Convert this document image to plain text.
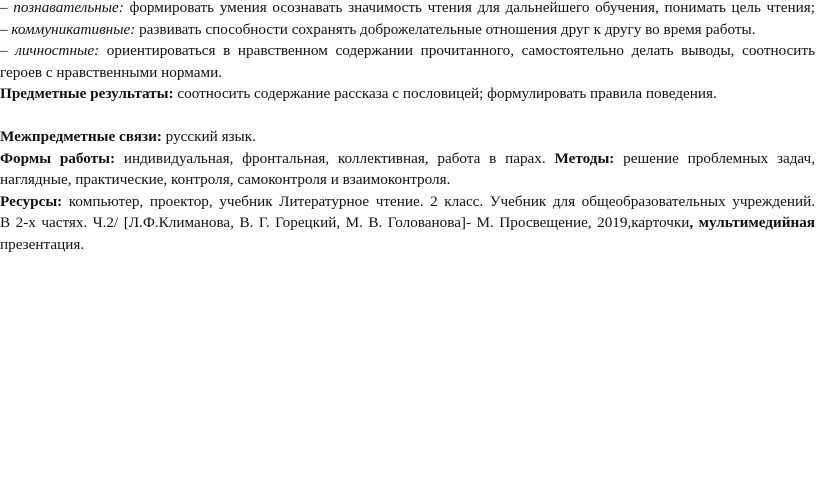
– познавательные: формировать умения осознавать значимость чтения для дальнейшего обучения, понимать цель чтения;
– коммуникативные: развивать способности сохранять доброжелательные отношения друг к другу во время работы.
– личностные: ориентироваться в нравственном содержании прочитанного, самостоятельно делать выводы, соотносить
героев с нравственными нормами.
Предметные результаты: соотносить содержание рассказа с пословицей; формулировать правила поведения.
Межпредметные связи: русский язык.
Формы работы: индивидуальная, фронтальная, коллективная, работа в парах. Методы: решение проблемных задач,
наглядные, практические, контроля, самоконтроля и взаимоконтроля.
Ресурсы: компьютер, проектор, учебник Литературное чтение. 2 класс. Учебник для общеобразовательных учреждений.
В 2-х частях. Ч.2/ [Л.Ф.Климанова, В. Г. Горецкий, М. В. Голованова]- М. Просвещение, 2019,карточки, мультимедийная
презентация.
